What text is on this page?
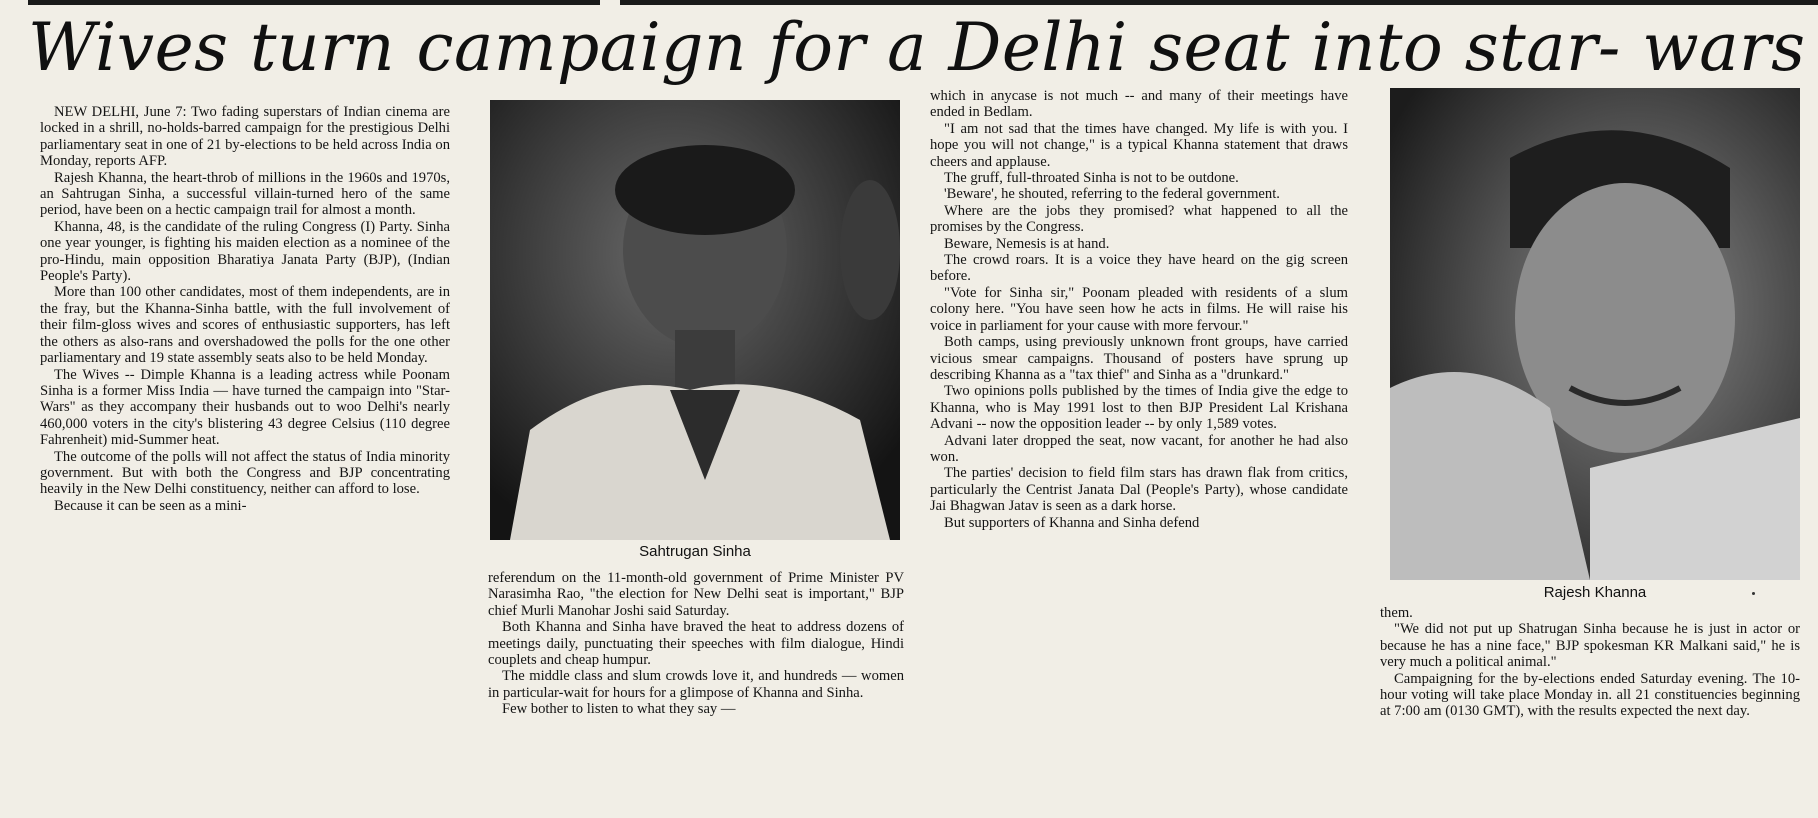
Wives turn campaign for a Delhi seat into star- wars

NEW DELHI, June 7: Two fading superstars of Indian cinema are locked in a shrill, no-holds-barred campaign for the prestigious Delhi parliamentary seat in one of 21 by-elections to be held across India on Monday, reports AFP.

Rajesh Khanna, the heart-throb of millions in the 1960s and 1970s, an Sahtrugan Sinha, a successful villain-turned hero of the same period, have been on a hectic campaign trail for almost a month.

Khanna, 48, is the candidate of the ruling Congress (I) Party. Sinha one year younger, is fighting his maiden election as a nominee of the pro-Hindu, main opposition Bharatiya Janata Party (BJP), (Indian People's Party).

More than 100 other candidates, most of them independents, are in the fray, but the Khanna-Sinha battle, with the full involvement of their film-gloss wives and scores of enthusiastic supporters, has left the others as also-rans and overshadowed the polls for the one other parliamentary and 19 state assembly seats also to be held Monday.

The Wives -- Dimple Khanna is a leading actress while Poonam Sinha is a former Miss India — have turned the campaign into "Star-Wars" as they accompany their husbands out to woo Delhi's nearly 460,000 voters in the city's blistering 43 degree Celsius (110 degree Fahrenheit) mid-Summer heat.

The outcome of the polls will not affect the status of India minority government. But with both the Congress and BJP concentrating heavily in the New Delhi constituency, neither can afford to lose.

Because it can be seen as a mini-

Sahtrugan Sinha

referendum on the 11-month-old government of Prime Minister PV Narasimha Rao, "the election for New Delhi seat is important," BJP chief Murli Manohar Joshi said Saturday.

Both Khanna and Sinha have braved the heat to address dozens of meetings daily, punctuating their speeches with film dialogue, Hindi couplets and cheap humpur.

The middle class and slum crowds love it, and hundreds — women in particular-wait for hours for a glimpose of Khanna and Sinha.

Few bother to listen to what they say —

which in anycase is not much -- and many of their meetings have ended in Bedlam.

"I am not sad that the times have changed. My life is with you. I hope you will not change," is a typical Khanna statement that draws cheers and applause.

The gruff, full-throated Sinha is not to be outdone.

'Beware', he shouted, referring to the federal government.

Where are the jobs they promised? what happened to all the promises by the Congress.

Beware, Nemesis is at hand.

The crowd roars. It is a voice they have heard on the gig screen before.

"Vote for Sinha sir," Poonam pleaded with residents of a slum colony here. "You have seen how he acts in films. He will raise his voice in parliament for your cause with more fervour."

Both camps, using previously unknown front groups, have carried vicious smear campaigns. Thousand of posters have sprung up describing Khanna as a "tax thief" and Sinha as a "drunkard."

Two opinions polls published by the times of India give the edge to Khanna, who is May 1991 lost to then BJP President Lal Krishana Advani -- now the opposition leader -- by only 1,589 votes.

Advani later dropped the seat, now vacant, for another he had also won.

The parties' decision to field film stars has drawn flak from critics, particularly the Centrist Janata Dal (People's Party), whose candidate Jai Bhagwan Jatav is seen as a dark horse.

But supporters of Khanna and Sinha defend

Rajesh Khanna

them.

"We did not put up Shatrugan Sinha because he is just in actor or because he has a nine face," BJP spokesman KR Malkani said," he is very much a political animal."

Campaigning for the by-elections ended Saturday evening. The 10-hour voting will take place Monday in. all 21 constituencies beginning at 7:00 am (0130 GMT), with the results expected the next day.
